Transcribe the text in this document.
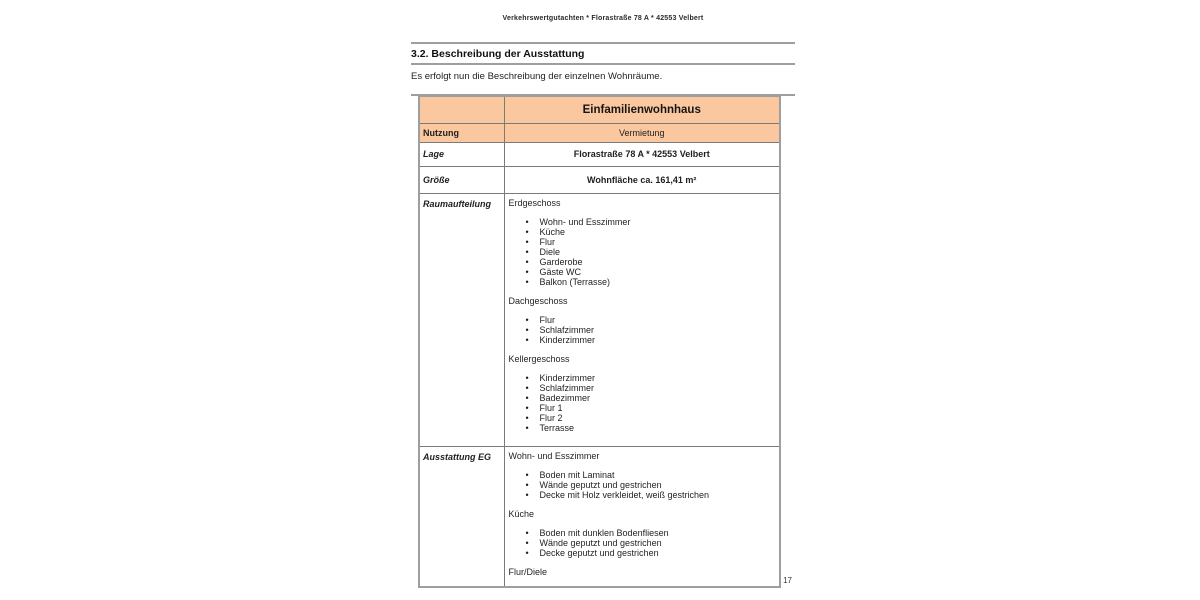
Verkehrswertgutachten * Florastraße 78 A * 42553 Velbert
3.2. Beschreibung der Ausstattung
Es erfolgt nun die Beschreibung der einzelnen Wohnräume.
	Einfamilienwohnhaus
Nutzung	Vermietung
Lage	Florastraße 78 A * 42553 Velbert
Größe	Wohnfläche ca. 161,41 m²
Raumaufteilung	Erdgeschoss
• Wohn- und Esszimmer
• Küche
• Flur
• Diele
• Garderobe
• Gäste WC
• Balkon (Terrasse)
Dachgeschoss
• Flur
• Schlafzimmer
• Kinderzimmer
Kellergeschoss
• Kinderzimmer
• Schlafzimmer
• Badezimmer
• Flur 1
• Flur 2
• Terrasse

Ausstattung EG	Wohn- und Esszimmer
• Boden mit Laminat
• Wände geputzt und gestrichen
• Decke mit Holz verkleidet, weiß gestrichen
Küche
• Boden mit dunklen Bodenfliesen
• Wände geputzt und gestrichen
• Decke geputzt und gestrichen
Flur/Diele
17
